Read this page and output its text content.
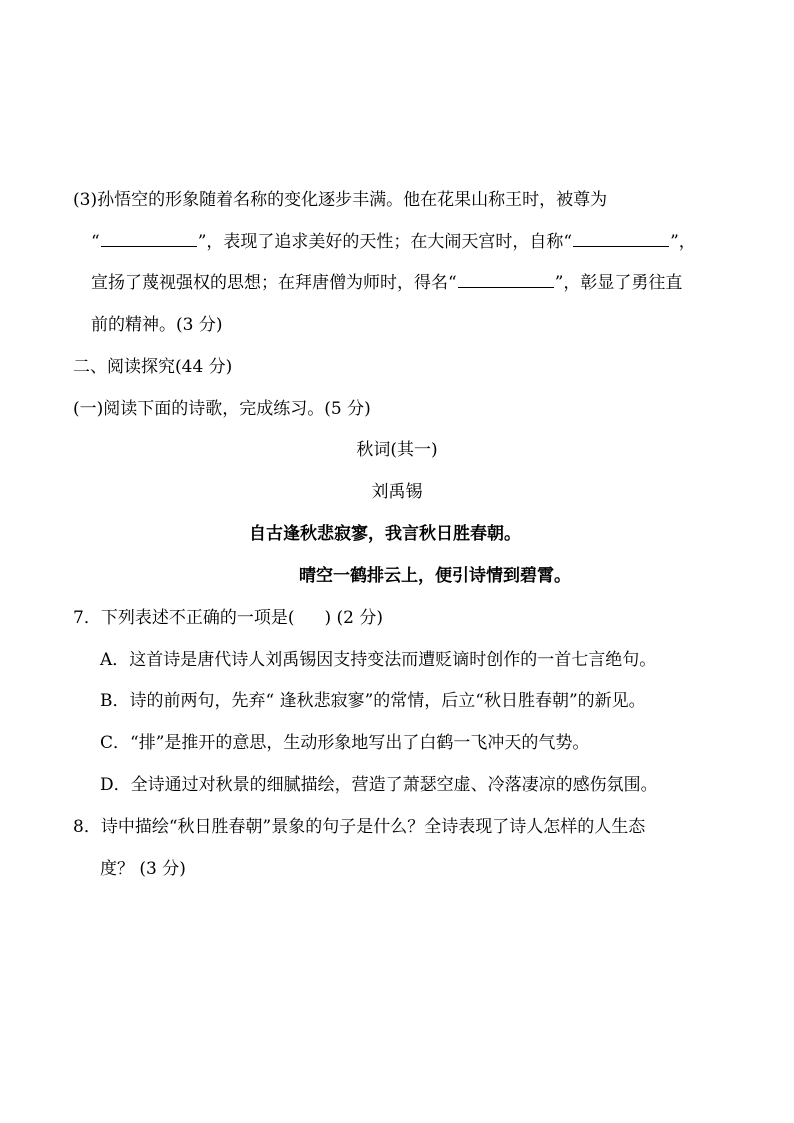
(3)孙悟空的形象随着名称的变化逐步丰满。他在花果山称王时，被尊为
“	”，表现了追求美好的天性；在大闹天宫时，自称“	”，
宣扬了蔑视强权的思想；在拜唐僧为师时，得名“	”，彰显了勇往直
前的精神。(3 分)
二、阅读探究(44 分)
(一)阅读下面的诗歌，完成练习。(5 分)
秋词(其一)
刘禹锡
自古逢秋悲寂寥，我言秋日胜春朝。
晴空一鹤排云上，便引诗情到碧霄。
7．下列表述不正确的一项是( ) (2 分)
A．这首诗是唐代诗人刘禹锡因支持变法而遭贬谪时创作的一首七言绝句。
B．诗的前两句，先弃“ 逢秋悲寂寥”的常情，后立“秋日胜春朝”的新见。
C．“排”是推开的意思，生动形象地写出了白鹤一飞冲天的气势。
D．全诗通过对秋景的细腻描绘，营造了萧瑟空虚、冷落凄凉的感伤氛围。
8．诗中描绘“秋日胜春朝”景象的句子是什么？全诗表现了诗人怎样的人生态
度？ (3 分)
